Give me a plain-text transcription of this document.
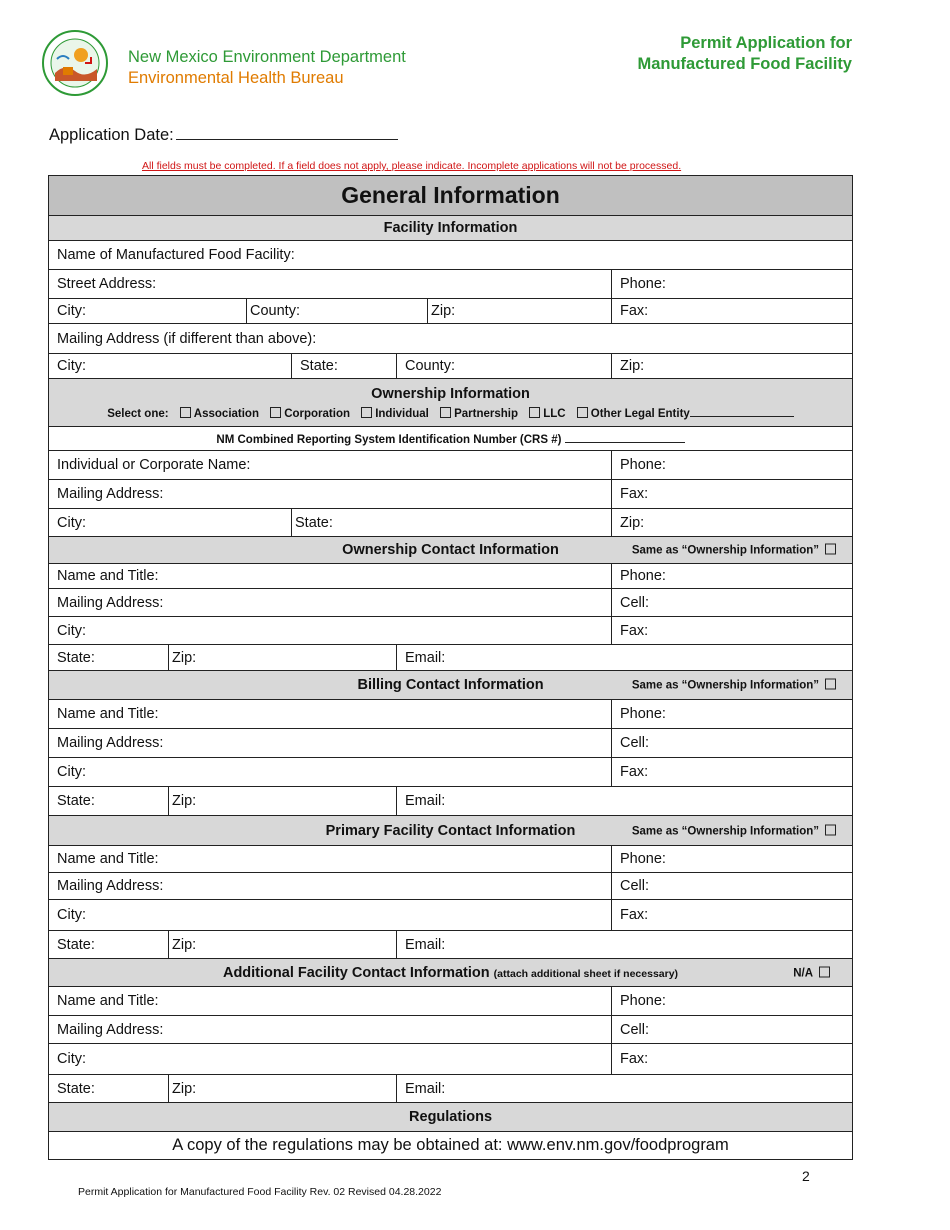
New Mexico Environment Department
Environmental Health Bureau
Permit Application for
Manufactured Food Facility
Application Date:
All fields must be completed. If a field does not apply, please indicate. Incomplete applications will not be processed.
General Information						
Facility Information						
Name of Manufactured Food Facility:						
Street Address:						Phone:
City:		County:			Zip:	Fax:
Mailing Address (if different than above):						
City:			State:	County:		Zip:

Ownership Information
Select one: Association Corporation Individual Partnership LLC Other Legal Entity						

NM Combined Reporting System Identification Number (CRS #)						
Individual or Corporate Name:						Phone:
Mailing Address:						Fax:
City:			State:			Zip:
Ownership Contact Information Same as “Ownership Information”						

Name and Title:						Phone:
Mailing Address:						Cell:
City:						Fax:
State:	Zip:			Email:		
Billing Contact Information Same as “Ownership Information”						

Name and Title:						Phone:
Mailing Address:						Cell:
City:						Fax:
State:	Zip:			Email:		
Primary Facility Contact Information Same as “Ownership Information”						

Name and Title:						Phone:
Mailing Address:						Cell:
City:						Fax:
State:	Zip:			Email:		
Additional Facility Contact Information (attach additional sheet if necessary) N/A						

Name and Title:						Phone:
Mailing Address:						Cell:
City:						Fax:
State:	Zip:			Email:		
Regulations						
A copy of the regulations may be obtained at: www.env.nm.gov/foodprogram						
2
Permit Application for Manufactured Food Facility Rev. 02 Revised 04.28.2022
